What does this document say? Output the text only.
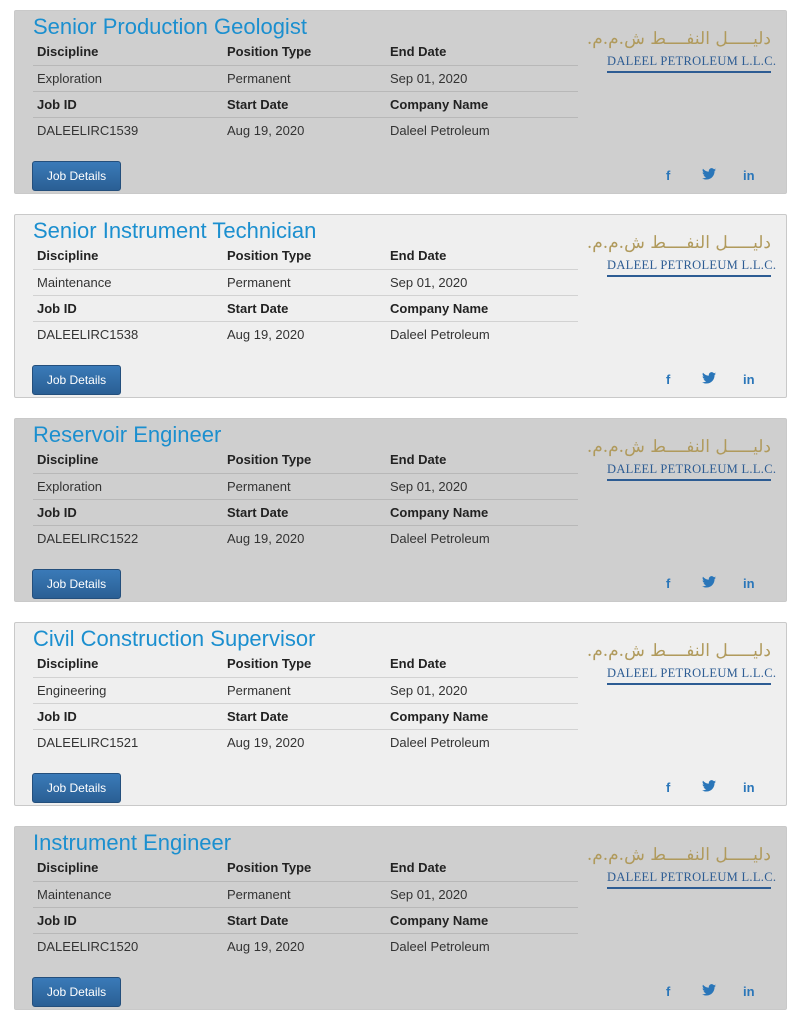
Senior Production Geologist
Discipline	Position Type	End Date
Exploration	Permanent	Sep 01, 2020
Job ID	Start Date	Company Name
DALEELIRC1539	Aug 19, 2020	Daleel Petroleum
دليـــــل النفــــط ش.م.م.
DALEEL PETROLEUM L.L.C.
Job Details	f	in
Senior Instrument Technician
Discipline	Position Type	End Date
Maintenance	Permanent	Sep 01, 2020
Job ID	Start Date	Company Name
DALEELIRC1538	Aug 19, 2020	Daleel Petroleum
دليـــــل النفــــط ش.م.م.
DALEEL PETROLEUM L.L.C.
Job Details	f	in
Reservoir Engineer
Discipline	Position Type	End Date
Exploration	Permanent	Sep 01, 2020
Job ID	Start Date	Company Name
DALEELIRC1522	Aug 19, 2020	Daleel Petroleum
دليـــــل النفــــط ش.م.م.
DALEEL PETROLEUM L.L.C.
Job Details	f	in
Civil Construction Supervisor
Discipline	Position Type	End Date
Engineering	Permanent	Sep 01, 2020
Job ID	Start Date	Company Name
DALEELIRC1521	Aug 19, 2020	Daleel Petroleum
دليـــــل النفــــط ش.م.م.
DALEEL PETROLEUM L.L.C.
Job Details	f	in
Instrument Engineer
Discipline	Position Type	End Date
Maintenance	Permanent	Sep 01, 2020
Job ID	Start Date	Company Name
DALEELIRC1520	Aug 19, 2020	Daleel Petroleum
دليـــــل النفــــط ش.م.م.
DALEEL PETROLEUM L.L.C.
Job Details	f	in
